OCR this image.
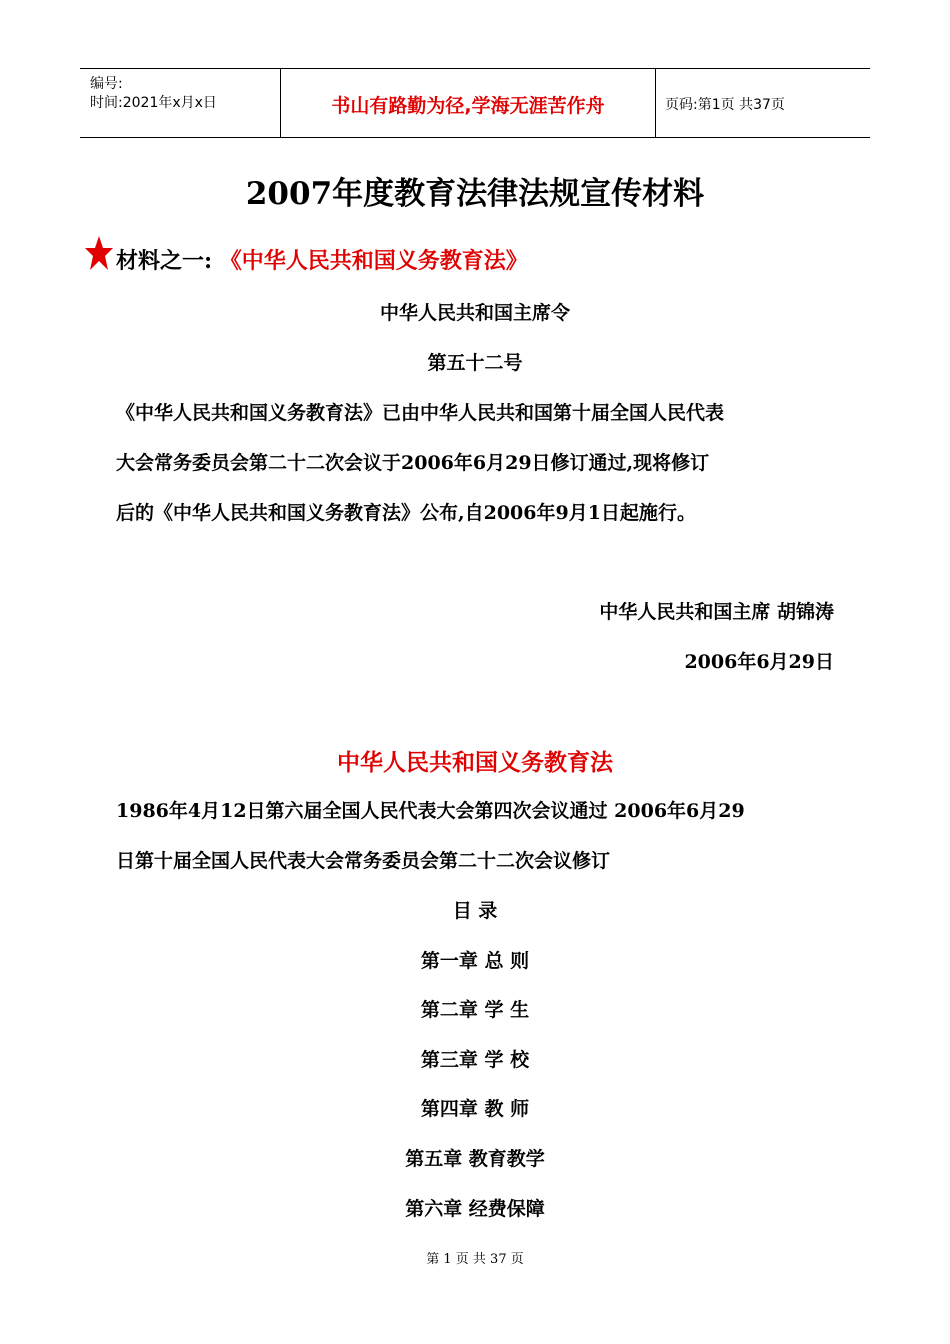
编号:
时间:2021年x月x日	书山有路勤为径,学海无涯苦作舟	页码:第1页 共37页
2007年度教育法律法规宣传材料
材料之一: 《中华人民共和国义务教育法》
中华人民共和国主席令
第五十二号
《中华人民共和国义务教育法》已由中华人民共和国第十届全国人民代表
大会常务委员会第二十二次会议于2006年6月29日修订通过,现将修订
后的《中华人民共和国义务教育法》公布,自2006年9月1日起施行。
中华人民共和国主席 胡锦涛
2006年6月29日
中华人民共和国义务教育法
1986年4月12日第六届全国人民代表大会第四次会议通过 2006年6月29
日第十届全国人民代表大会常务委员会第二十二次会议修订
目 录
第一章 总 则
第二章 学 生
第三章 学 校
第四章 教 师
第五章 教育教学
第六章 经费保障
第 1 页 共 37 页
